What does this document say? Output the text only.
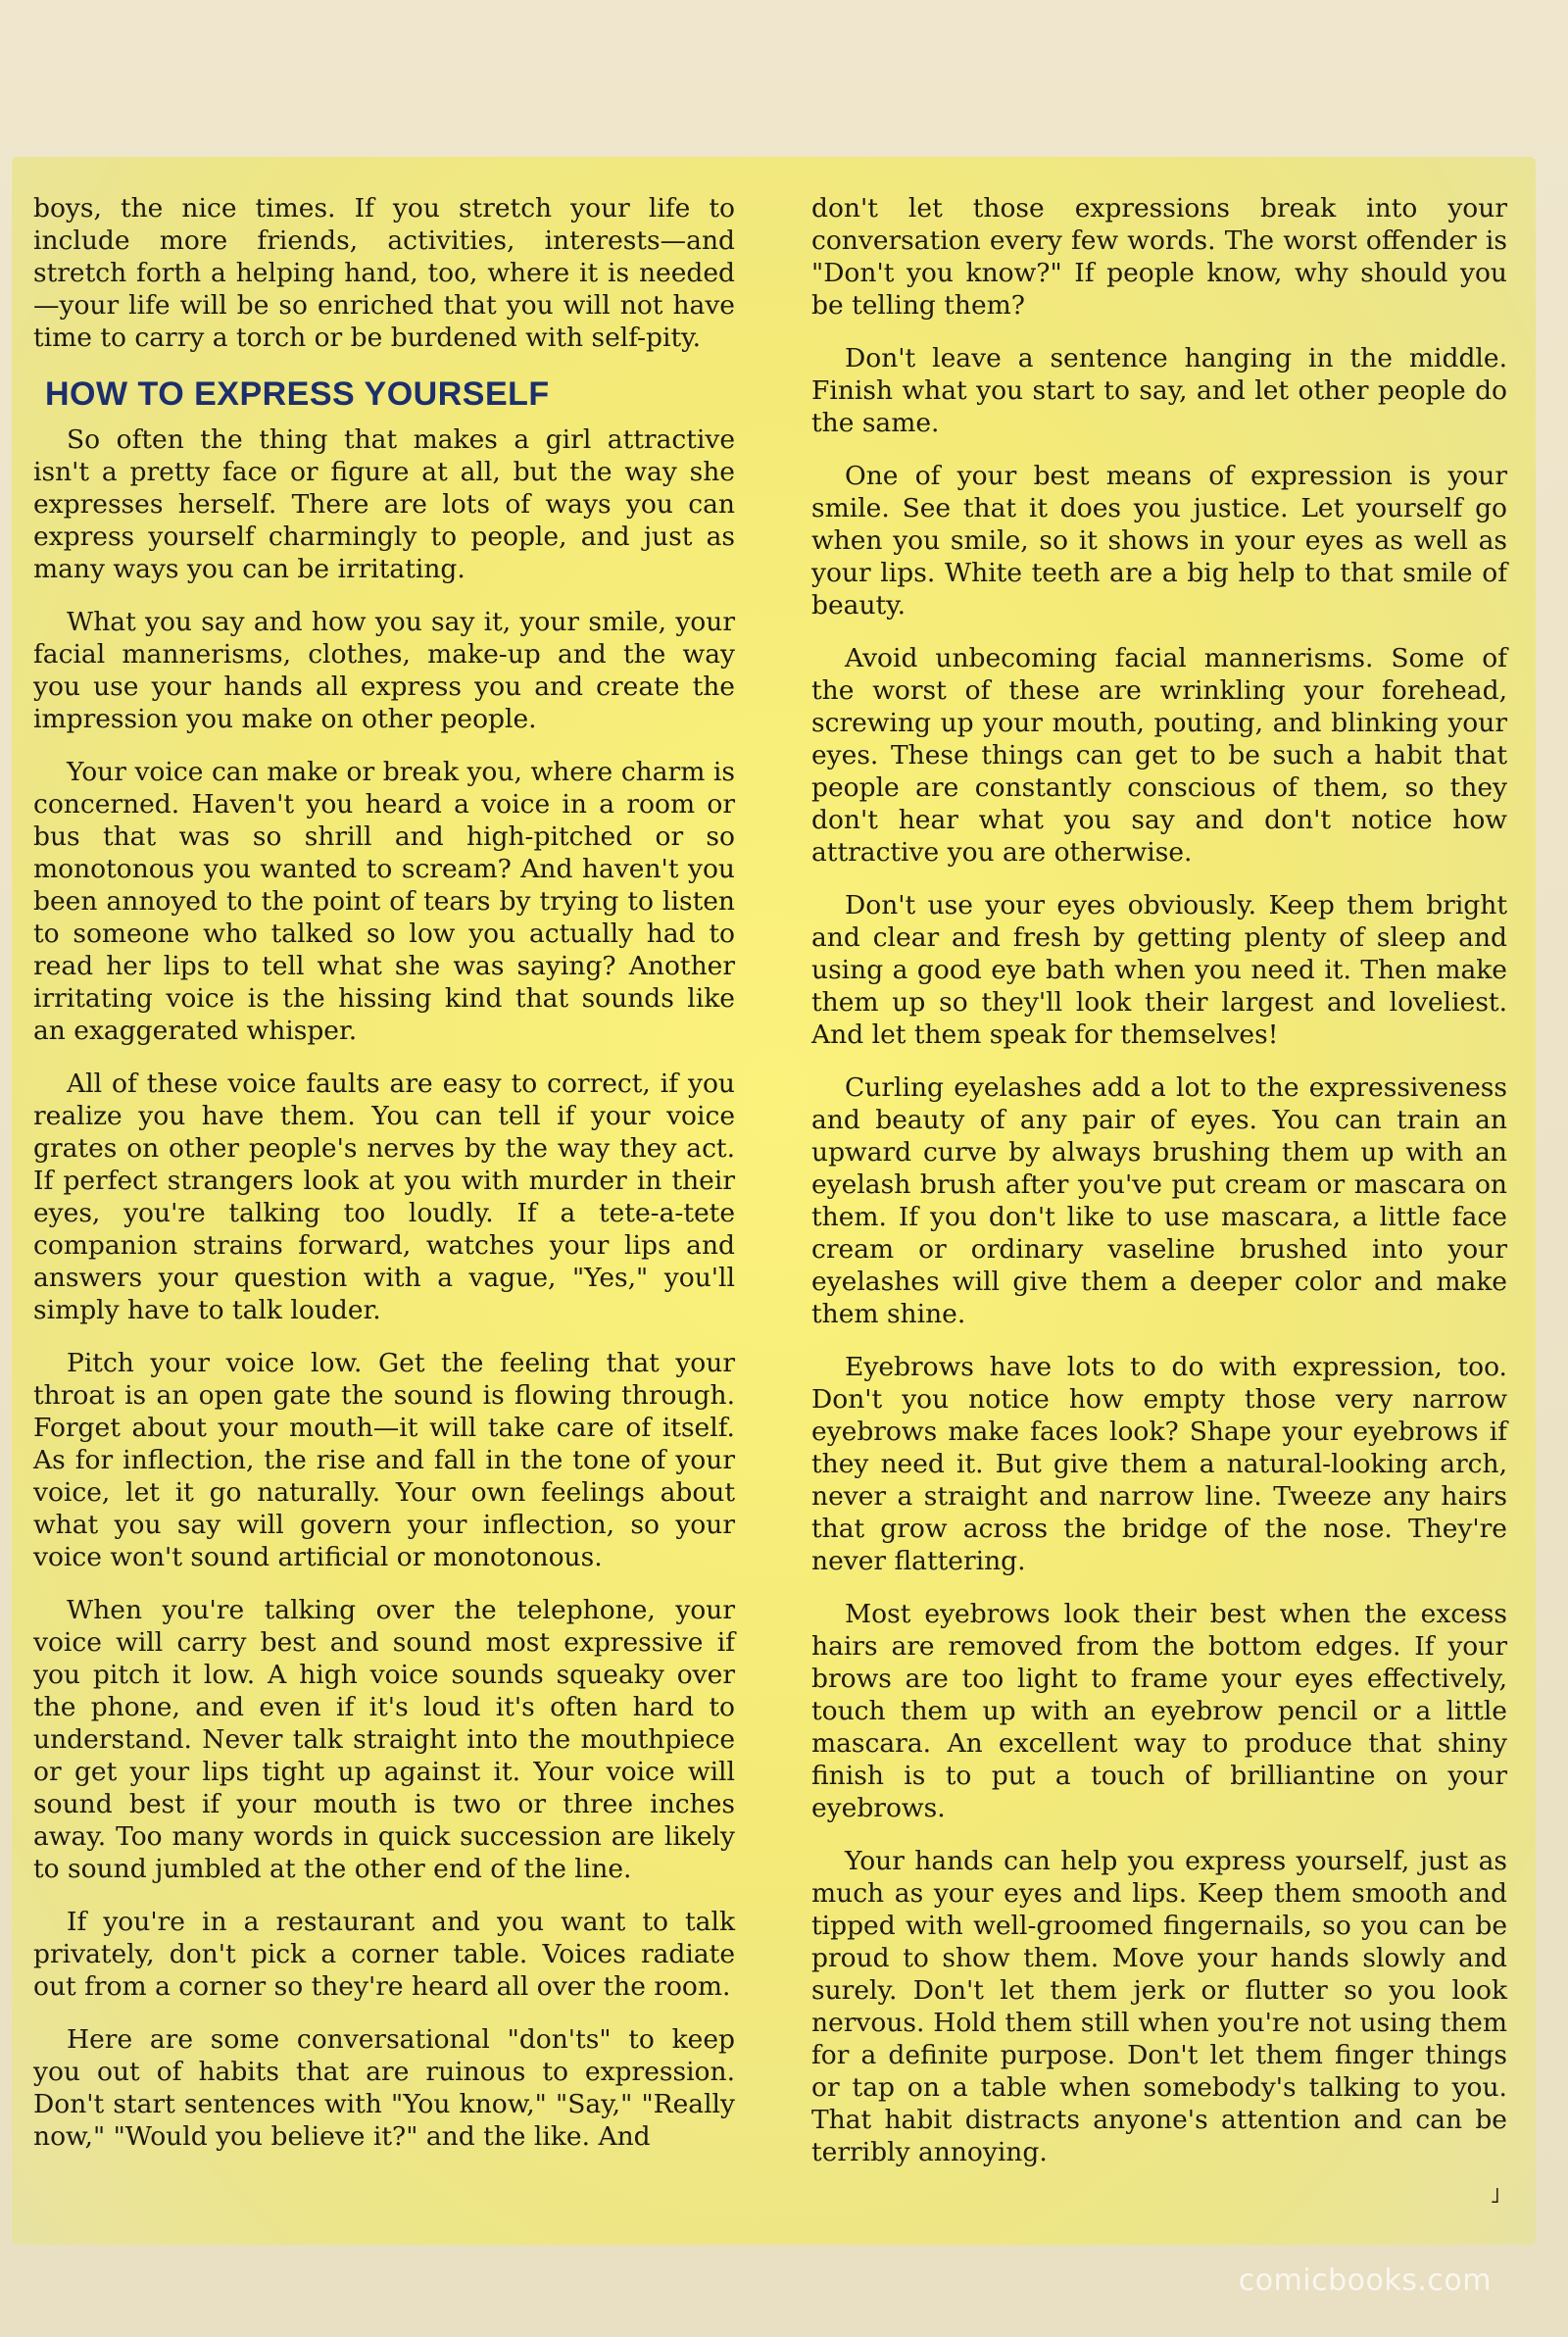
boys, the nice times. If you stretch your life to include more friends, activities, interests—and stretch forth a helping hand, too, where it is needed—your life will be so enriched that you will not have time to carry a torch or be burdened with self-pity.

HOW TO EXPRESS YOURSELF

So often the thing that makes a girl attractive isn't a pretty face or figure at all, but the way she expresses herself. There are lots of ways you can express yourself charmingly to people, and just as many ways you can be irritating.

What you say and how you say it, your smile, your facial mannerisms, clothes, make-up and the way you use your hands all express you and create the impression you make on other people.

Your voice can make or break you, where charm is concerned. Haven't you heard a voice in a room or bus that was so shrill and high-pitched or so monotonous you wanted to scream? And haven't you been annoyed to the point of tears by trying to listen to someone who talked so low you actually had to read her lips to tell what she was saying? Another irritating voice is the hissing kind that sounds like an exaggerated whisper.

All of these voice faults are easy to correct, if you realize you have them. You can tell if your voice grates on other people's nerves by the way they act. If perfect strangers look at you with murder in their eyes, you're talking too loudly. If a tete-a-tete companion strains forward, watches your lips and answers your question with a vague, "Yes," you'll simply have to talk louder.

Pitch your voice low. Get the feeling that your throat is an open gate the sound is flowing through. Forget about your mouth—it will take care of itself. As for inflection, the rise and fall in the tone of your voice, let it go naturally. Your own feelings about what you say will govern your inflection, so your voice won't sound artificial or monotonous.

When you're talking over the telephone, your voice will carry best and sound most expressive if you pitch it low. A high voice sounds squeaky over the phone, and even if it's loud it's often hard to understand. Never talk straight into the mouthpiece or get your lips tight up against it. Your voice will sound best if your mouth is two or three inches away. Too many words in quick succession are likely to sound jumbled at the other end of the line.

If you're in a restaurant and you want to talk privately, don't pick a corner table. Voices radiate out from a corner so they're heard all over the room.

Here are some conversational "don'ts" to keep you out of habits that are ruinous to expression. Don't start sentences with "You know," "Say," "Really now," "Would you believe it?" and the like. And

don't let those expressions break into your conversation every few words. The worst offender is "Don't you know?" If people know, why should you be telling them?

Don't leave a sentence hanging in the middle. Finish what you start to say, and let other people do the same.

One of your best means of expression is your smile. See that it does you justice. Let yourself go when you smile, so it shows in your eyes as well as your lips. White teeth are a big help to that smile of beauty.

Avoid unbecoming facial mannerisms. Some of the worst of these are wrinkling your forehead, screwing up your mouth, pouting, and blinking your eyes. These things can get to be such a habit that people are constantly conscious of them, so they don't hear what you say and don't notice how attractive you are otherwise.

Don't use your eyes obviously. Keep them bright and clear and fresh by getting plenty of sleep and using a good eye bath when you need it. Then make them up so they'll look their largest and loveliest. And let them speak for themselves!

Curling eyelashes add a lot to the expressiveness and beauty of any pair of eyes. You can train an upward curve by always brushing them up with an eyelash brush after you've put cream or mascara on them. If you don't like to use mascara, a little face cream or ordinary vaseline brushed into your eyelashes will give them a deeper color and make them shine.

Eyebrows have lots to do with expression, too. Don't you notice how empty those very narrow eyebrows make faces look? Shape your eyebrows if they need it. But give them a natural-looking arch, never a straight and narrow line. Tweeze any hairs that grow across the bridge of the nose. They're never flattering.

Most eyebrows look their best when the excess hairs are removed from the bottom edges. If your brows are too light to frame your eyes effectively, touch them up with an eyebrow pencil or a little mascara. An excellent way to produce that shiny finish is to put a touch of brilliantine on your eyebrows.

Your hands can help you express yourself, just as much as your eyes and lips. Keep them smooth and tipped with well-groomed fingernails, so you can be proud to show them. Move your hands slowly and surely. Don't let them jerk or flutter so you look nervous. Hold them still when you're not using them for a definite purpose. Don't let them finger things or tap on a table when somebody's talking to you. That habit distracts anyone's attention and can be terribly annoying.

˩
comicbooks.com
